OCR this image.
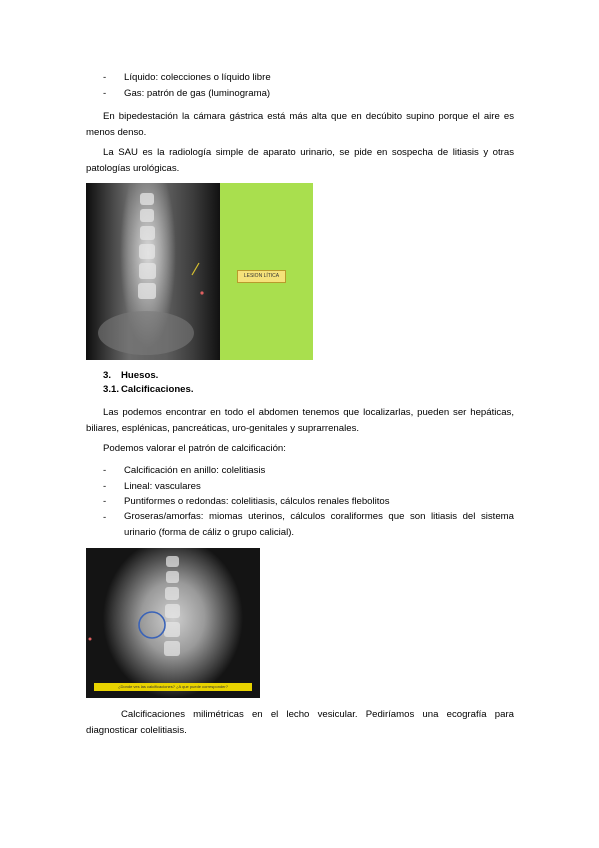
- Líquido: colecciones o líquido libre
- Gas: patrón de gas (luminograma)
En bipedestación la cámara gástrica está más alta que en decúbito supino porque el aire es menos denso.
La SAU es la radiología simple de aparato urinario, se pide en sospecha de litiasis y otras patologías urológicas.
LESION LÍTICA
3. Huesos.
3.1. Calcificaciones.
Las podemos encontrar en todo el abdomen tenemos que localizarlas, pueden ser hepáticas, biliares, esplénicas, pancreáticas, uro-genitales y suprarrenales.
Podemos valorar el patrón de calcificación:
- Calcificación en anillo: colelitiasis
- Lineal: vasculares
- Puntiformes o redondas: colelitiasis, cálculos renales flebolitos
- Groseras/amorfas: miomas uterinos, cálculos coraliformes que son litiasis del sistema urinario (forma de cáliz o grupo calicial).
¿Donde ves las calcificaciones? ¿A que puede corresponder?
Calcificaciones milimétricas en el lecho vesicular. Pediríamos una ecografía para diagnosticar colelitiasis.
